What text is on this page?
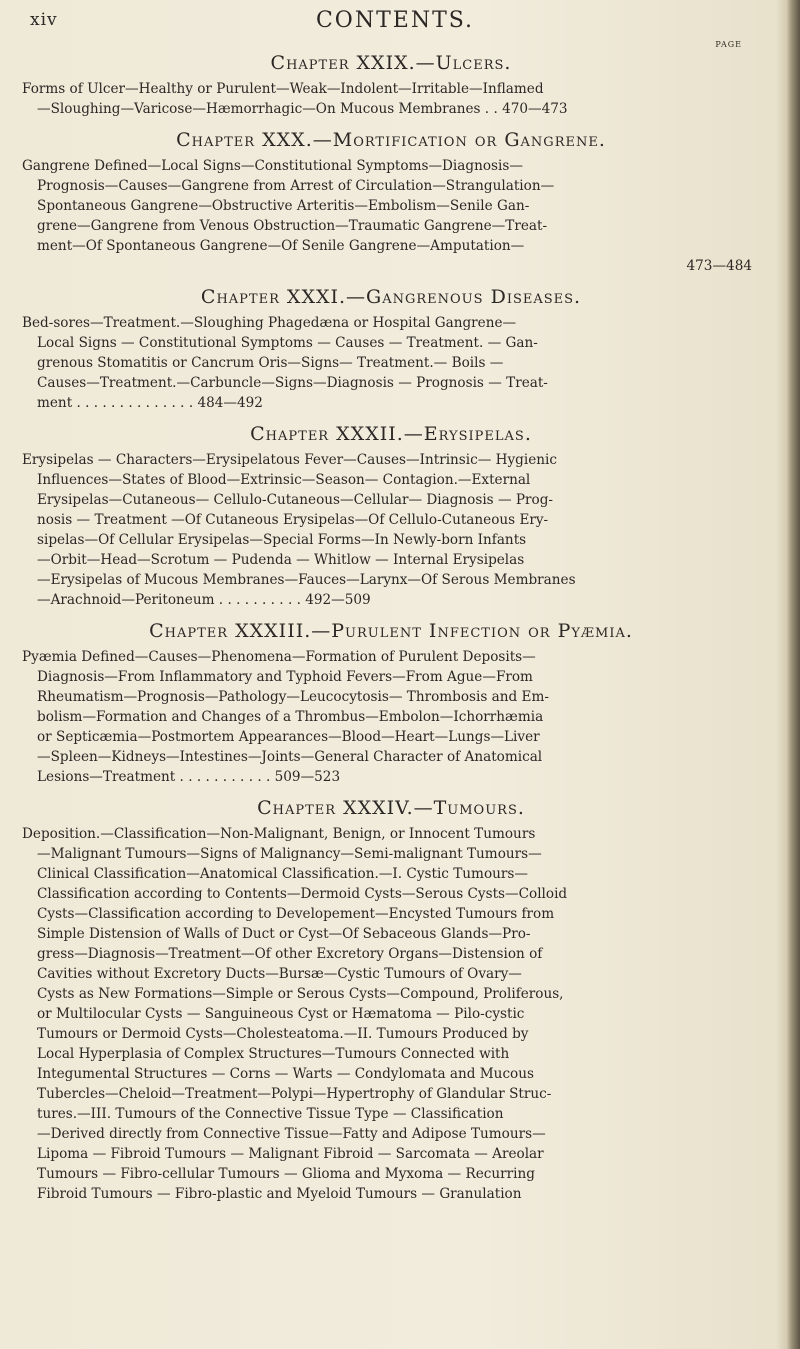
xiv	CONTENTS.
PAGE
Chapter XXIX.—Ulcers.
Forms of Ulcer—Healthy or Purulent—Weak—Indolent—Irritable—Inflamed
—Sloughing—Varicose—Hæmorrhagic—On Mucous Membranes . . 470—473
Chapter XXX.—Mortification or Gangrene.
Gangrene Defined—Local Signs—Constitutional Symptoms—Diagnosis—
Prognosis—Causes—Gangrene from Arrest of Circulation—Strangulation—
Spontaneous Gangrene—Obstructive Arteritis—Embolism—Senile Gan-
grene—Gangrene from Venous Obstruction—Traumatic Gangrene—Treat-
ment—Of Spontaneous Gangrene—Of Senile Gangrene—Amputation—
473—484
Chapter XXXI.—Gangrenous Diseases.
Bed-sores—Treatment.—Sloughing Phagedæna or Hospital Gangrene—
Local Signs — Constitutional Symptoms — Causes — Treatment. — Gan-
grenous Stomatitis or Cancrum Oris—Signs— Treatment.— Boils —
Causes—Treatment.—Carbuncle—Signs—Diagnosis — Prognosis — Treat-
ment . . . . . . . . . . . . . . 484—492
Chapter XXXII.—Erysipelas.
Erysipelas — Characters—Erysipelatous Fever—Causes—Intrinsic— Hygienic
Influences—States of Blood—Extrinsic—Season— Contagion.—External
Erysipelas—Cutaneous— Cellulo-Cutaneous—Cellular— Diagnosis — Prog-
nosis — Treatment —Of Cutaneous Erysipelas—Of Cellulo-Cutaneous Ery-
sipelas—Of Cellular Erysipelas—Special Forms—In Newly-born Infants
—Orbit—Head—Scrotum — Pudenda — Whitlow — Internal Erysipelas
—Erysipelas of Mucous Membranes—Fauces—Larynx—Of Serous Membranes
—Arachnoid—Peritoneum . . . . . . . . . . 492—509
Chapter XXXIII.—Purulent Infection or Pyæmia.
Pyæmia Defined—Causes—Phenomena—Formation of Purulent Deposits—
Diagnosis—From Inflammatory and Typhoid Fevers—From Ague—From
Rheumatism—Prognosis—Pathology—Leucocytosis— Thrombosis and Em-
bolism—Formation and Changes of a Thrombus—Embolon—Ichorrhæmia
or Septicæmia—Postmortem Appearances—Blood—Heart—Lungs—Liver
—Spleen—Kidneys—Intestines—Joints—General Character of Anatomical
Lesions—Treatment . . . . . . . . . . . 509—523
Chapter XXXIV.—Tumours.
Deposition.—Classification—Non-Malignant, Benign, or Innocent Tumours
—Malignant Tumours—Signs of Malignancy—Semi-malignant Tumours—
Clinical Classification—Anatomical Classification.—I. Cystic Tumours—
Classification according to Contents—Dermoid Cysts—Serous Cysts—Colloid
Cysts—Classification according to Developement—Encysted Tumours from
Simple Distension of Walls of Duct or Cyst—Of Sebaceous Glands—Pro-
gress—Diagnosis—Treatment—Of other Excretory Organs—Distension of
Cavities without Excretory Ducts—Bursæ—Cystic Tumours of Ovary—
Cysts as New Formations—Simple or Serous Cysts—Compound, Proliferous,
or Multilocular Cysts — Sanguineous Cyst or Hæmatoma — Pilo-cystic
Tumours or Dermoid Cysts—Cholesteatoma.—II. Tumours Produced by
Local Hyperplasia of Complex Structures—Tumours Connected with
Integumental Structures — Corns — Warts — Condylomata and Mucous
Tubercles—Cheloid—Treatment—Polypi—Hypertrophy of Glandular Struc-
tures.—III. Tumours of the Connective Tissue Type — Classification
—Derived directly from Connective Tissue—Fatty and Adipose Tumours—
Lipoma — Fibroid Tumours — Malignant Fibroid — Sarcomata — Areolar
Tumours — Fibro-cellular Tumours — Glioma and Myxoma — Recurring
Fibroid Tumours — Fibro-plastic and Myeloid Tumours — Granulation
